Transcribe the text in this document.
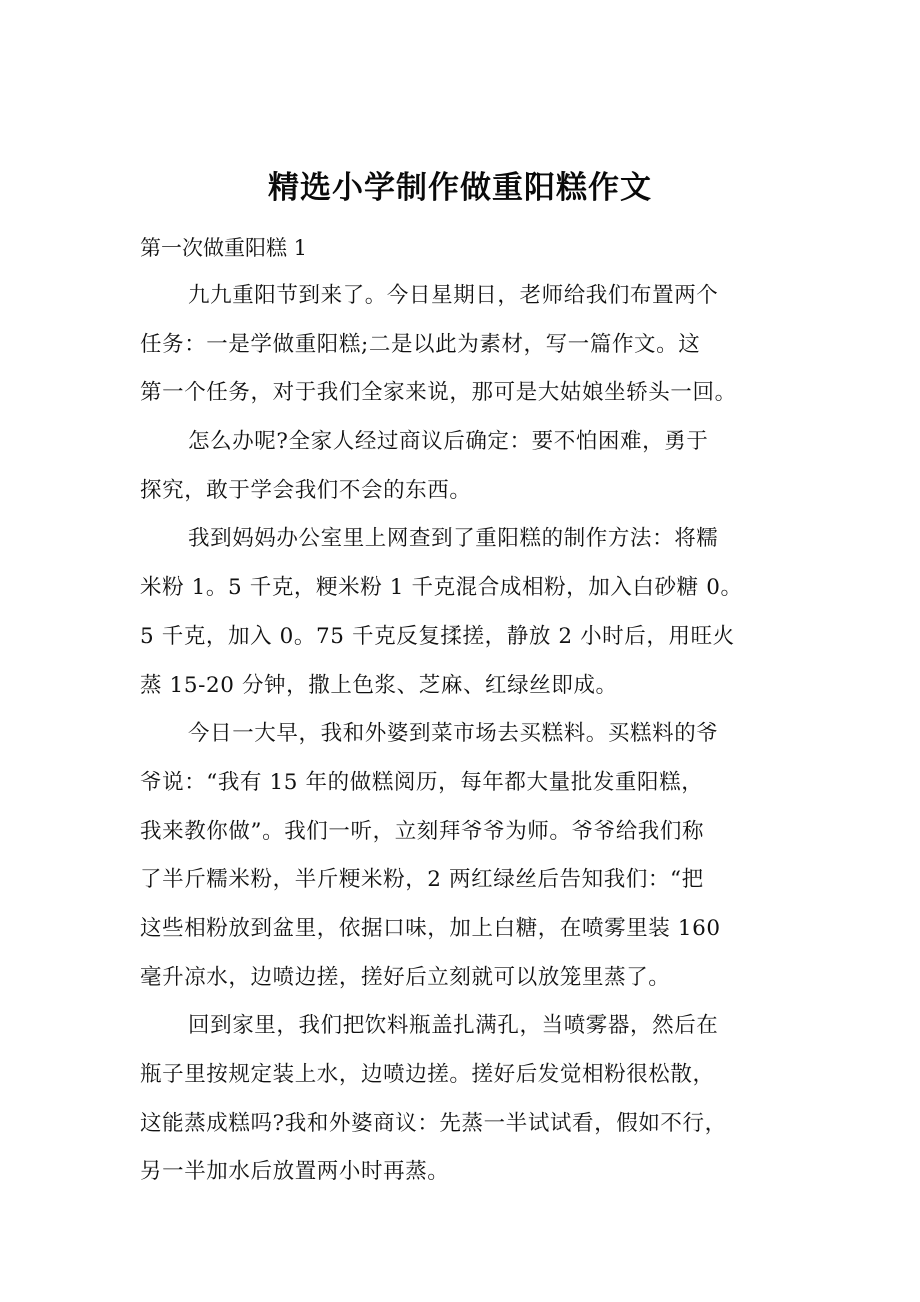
精选小学制作做重阳糕作文
第一次做重阳糕 1

九九重阳节到来了。今日星期日，老师给我们布置两个
任务：一是学做重阳糕;二是以此为素材，写一篇作文。这
第一个任务，对于我们全家来说，那可是大姑娘坐轿头一回。

怎么办呢?全家人经过商议后确定：要不怕困难，勇于
探究，敢于学会我们不会的东西。

我到妈妈办公室里上网查到了重阳糕的制作方法：将糯
米粉 1。5 千克，粳米粉 1 千克混合成相粉，加入白砂糖 0。
5 千克，加入 0。75 千克反复揉搓，静放 2 小时后，用旺火
蒸 15-20 分钟，撒上色浆、芝麻、红绿丝即成。

今日一大早，我和外婆到菜市场去买糕料。买糕料的爷
爷说：“我有 15 年的做糕阅历，每年都大量批发重阳糕，
我来教你做”。我们一听，立刻拜爷爷为师。爷爷给我们称
了半斤糯米粉，半斤粳米粉，2 两红绿丝后告知我们：“把
这些相粉放到盆里，依据口味，加上白糖，在喷雾里装 160
毫升凉水，边喷边搓，搓好后立刻就可以放笼里蒸了。

回到家里，我们把饮料瓶盖扎满孔，当喷雾器，然后在
瓶子里按规定装上水，边喷边搓。搓好后发觉相粉很松散，
这能蒸成糕吗?我和外婆商议：先蒸一半试试看，假如不行，
另一半加水后放置两小时再蒸。
